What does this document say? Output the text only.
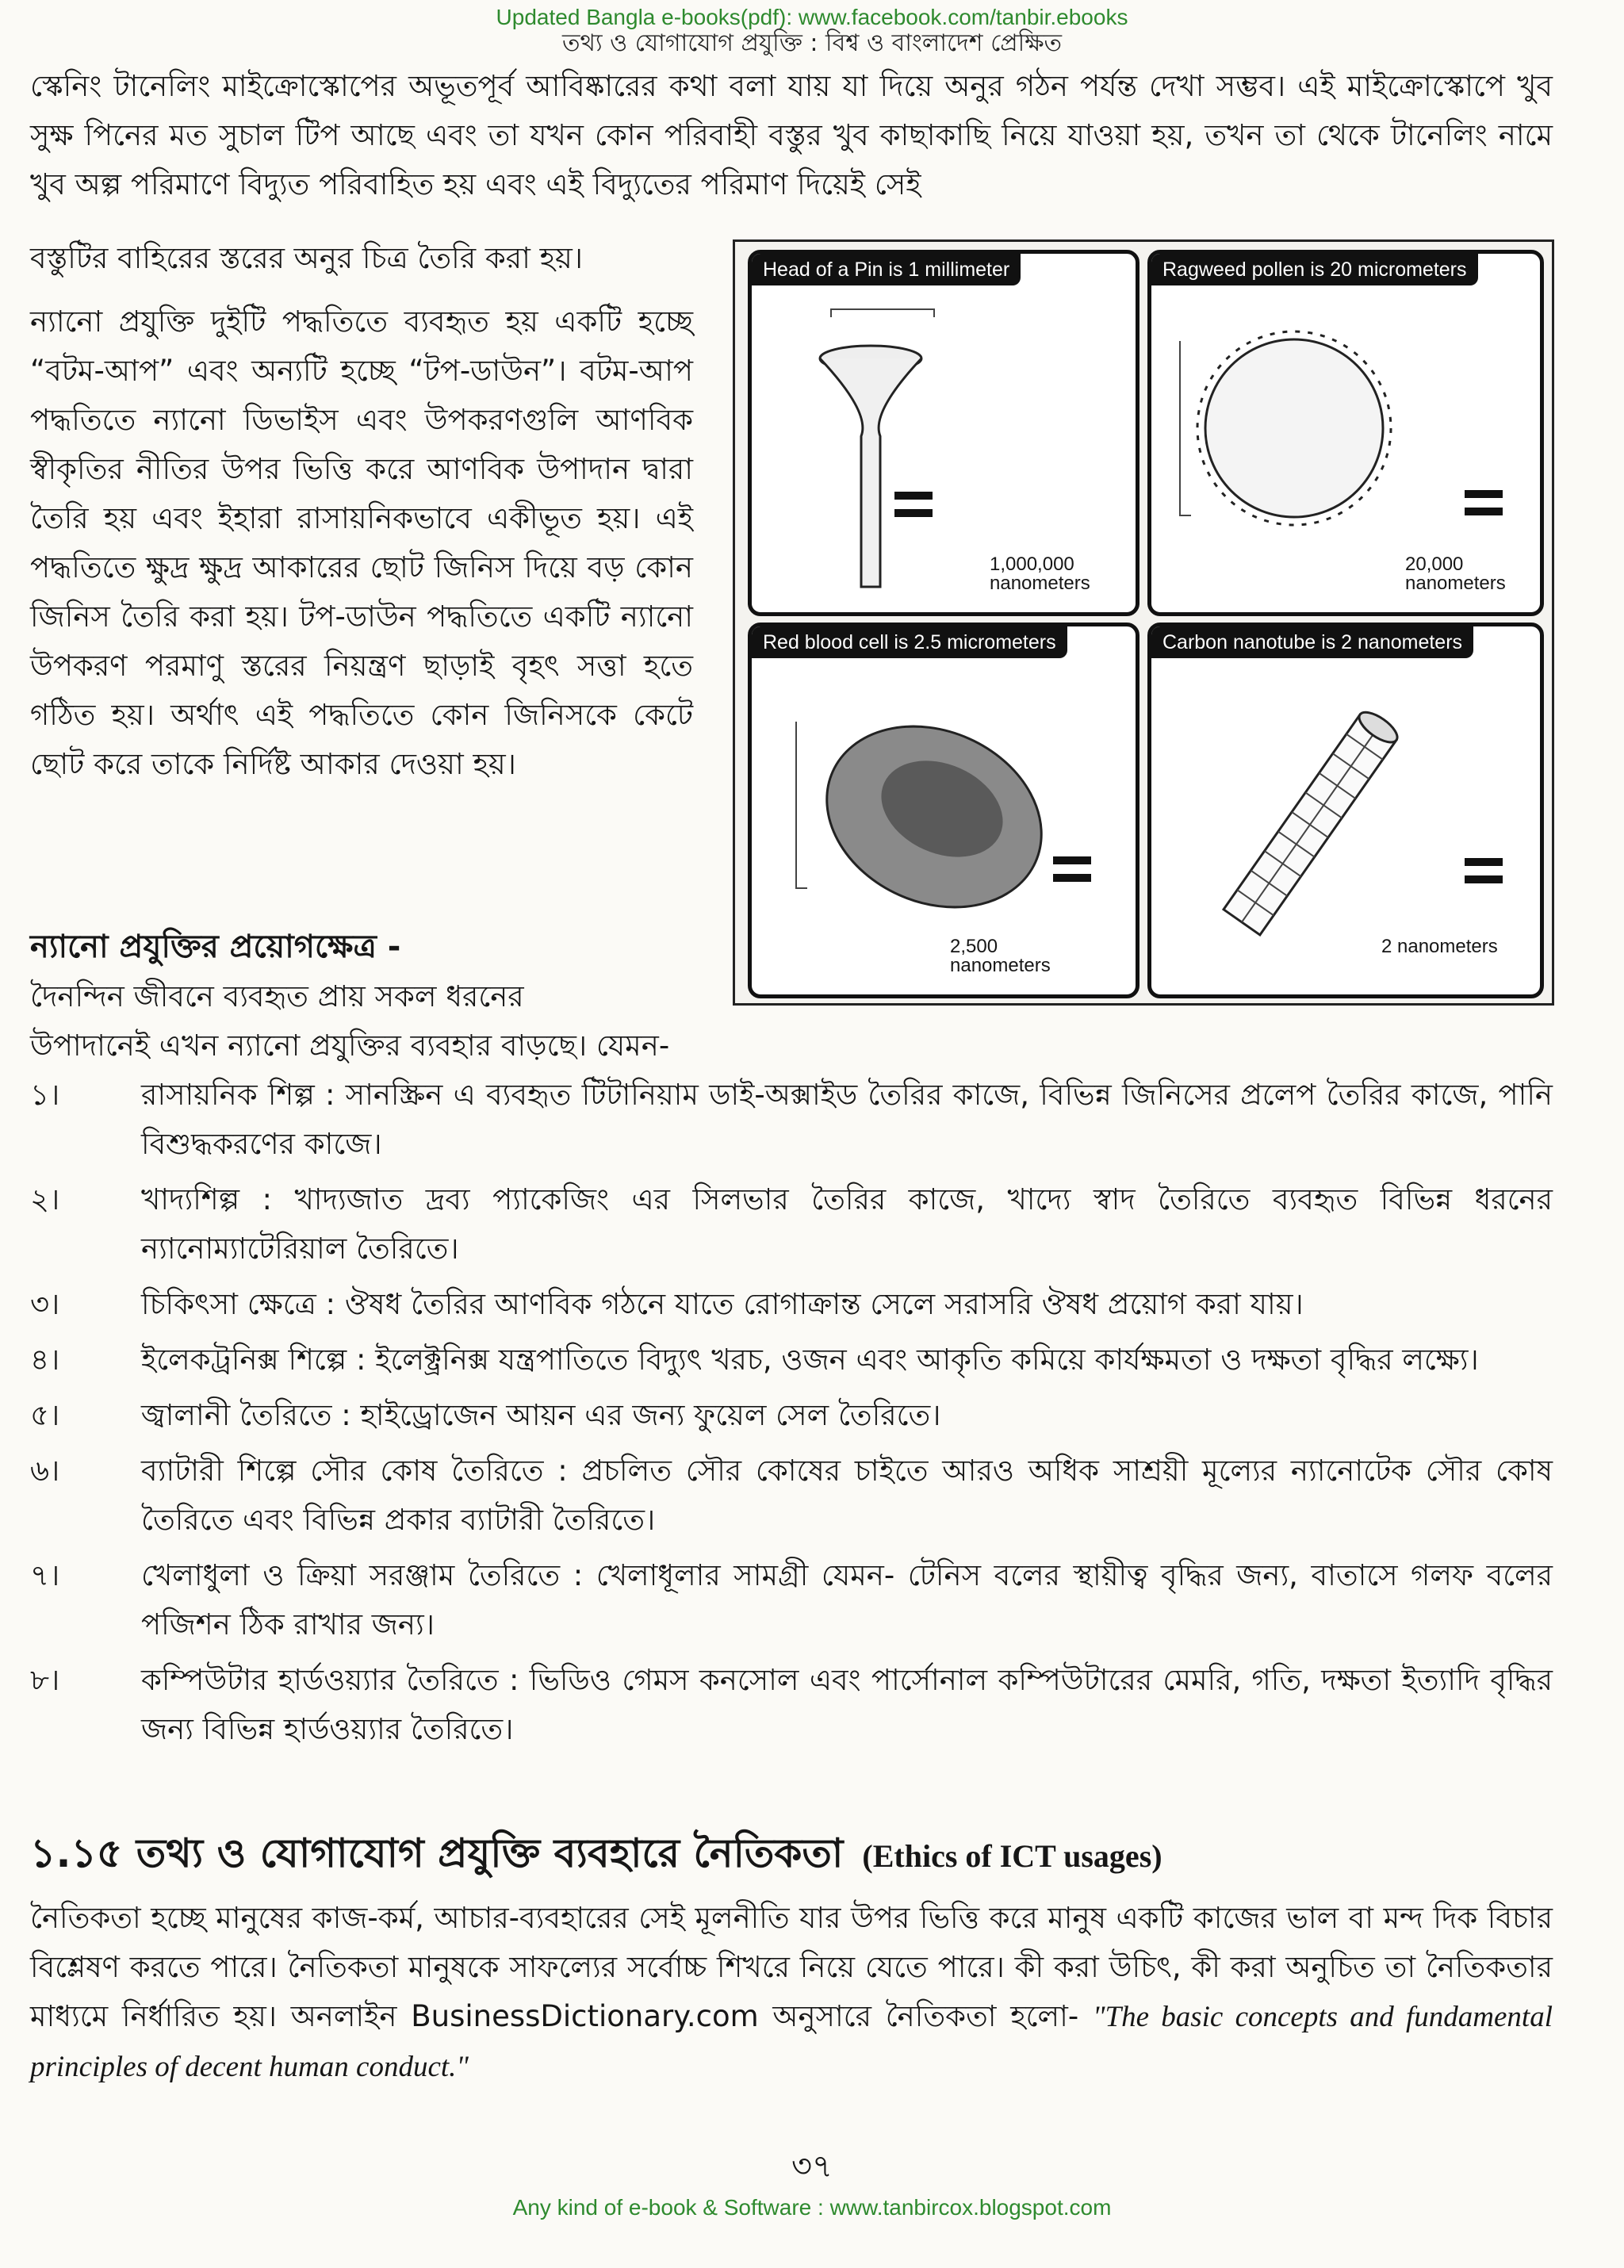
Updated Bangla e-books(pdf): www.facebook.com/tanbir.ebooks
তথ্য ও যোগাযোগ প্রযুক্তি : বিশ্ব ও বাংলাদেশ প্রেক্ষিত

স্কেনিং টানেলিং মাইক্রোস্কোপের অভূতপূর্ব আবিষ্কারের কথা বলা যায় যা দিয়ে অনুর গঠন পর্যন্ত দেখা সম্ভব। এই মাইক্রোস্কোপে খুব সুক্ষ পিনের মত সুচাল টিপ আছে এবং তা যখন কোন পরিবাহী বস্তুর খুব কাছাকাছি নিয়ে যাওয়া হয়, তখন তা থেকে টানেলিং নামে খুব অল্প পরিমাণে বিদ্যুত পরিবাহিত হয় এবং এই বিদ্যুতের পরিমাণ দিয়েই সেই

বস্তুটির বাহিরের স্তরের অনুর চিত্র তৈরি করা হয়।

ন্যানো প্রযুক্তি দুইটি পদ্ধতিতে ব্যবহৃত হয় একটি হচ্ছে “বটম-আপ” এবং অন্যটি হচ্ছে “টপ-ডাউন”। বটম-আপ পদ্ধতিতে ন্যানো ডিভাইস এবং উপকরণগুলি আণবিক স্বীকৃতির নীতির উপর ভিত্তি করে আণবিক উপাদান দ্বারা তৈরি হয় এবং ইহারা রাসায়নিকভাবে একীভূত হয়। এই পদ্ধতিতে ক্ষুদ্র ক্ষুদ্র আকারের ছোট জিনিস দিয়ে বড় কোন জিনিস তৈরি করা হয়। টপ-ডাউন পদ্ধতিতে একটি ন্যানো উপকরণ পরমাণু স্তরের নিয়ন্ত্রণ ছাড়াই বৃহৎ সত্তা হতে গঠিত হয়। অর্থাৎ এই পদ্ধতিতে কোন জিনিসকে কেটে ছোট করে তাকে নির্দিষ্ট আকার দেওয়া হয়।

Head of a Pin is 1 millimeter
1,000,000
nanometers
Ragweed pollen is 20 micrometers
20,000
nanometers
Red blood cell is 2.5 micrometers
2,500
nanometers
Carbon nanotube is 2 nanometers
2 nanometers
ন্যানো প্রযুক্তির প্রয়োগক্ষেত্র -

দৈনন্দিন জীবনে ব্যবহৃত প্রায় সকল ধরনের

উপাদানেই এখন ন্যানো প্রযুক্তির ব্যবহার বাড়ছে। যেমন-

১।	রাসায়নিক শিল্প : সানস্ক্রিন এ ব্যবহৃত টিটানিয়াম ডাই-অক্সাইড তৈরির কাজে, বিভিন্ন জিনিসের প্রলেপ তৈরির কাজে, পানি বিশুদ্ধকরণের কাজে।
২।	খাদ্যশিল্প : খাদ্যজাত দ্রব্য প্যাকেজিং এর সিলভার তৈরির কাজে, খাদ্যে স্বাদ তৈরিতে ব্যবহৃত বিভিন্ন ধরনের ন্যানোম্যাটেরিয়াল তৈরিতে।
৩।	চিকিৎসা ক্ষেত্রে : ঔষধ তৈরির আণবিক গঠনে যাতে রোগাক্রান্ত সেলে সরাসরি ঔষধ প্রয়োগ করা যায়।
৪।	ইলেকট্রনিক্স শিল্পে : ইলেক্ট্রনিক্স যন্ত্রপাতিতে বিদ্যুৎ খরচ, ওজন এবং আকৃতি কমিয়ে কার্যক্ষমতা ও দক্ষতা বৃদ্ধির লক্ষ্যে।
৫।	জ্বালানী তৈরিতে : হাইড্রোজেন আয়ন এর জন্য ফুয়েল সেল তৈরিতে।
৬।	ব্যাটারী শিল্পে সৌর কোষ তৈরিতে : প্রচলিত সৌর কোষের চাইতে আরও অধিক সাশ্রয়ী মূল্যের ন্যানোটেক সৌর কোষ তৈরিতে এবং বিভিন্ন প্রকার ব্যাটারী তৈরিতে।
৭।	খেলাধুলা ও ক্রিয়া সরঞ্জাম তৈরিতে : খেলাধূলার সামগ্রী যেমন- টেনিস বলের স্থায়ীত্ব বৃদ্ধির জন্য, বাতাসে গলফ বলের পজিশন ঠিক রাখার জন্য।
৮।	কম্পিউটার হার্ডওয়্যার তৈরিতে : ভিডিও গেমস কনসোল এবং পার্সোনাল কম্পিউটারের মেমরি, গতি, দক্ষতা ইত্যাদি বৃদ্ধির জন্য বিভিন্ন হার্ডওয়্যার তৈরিতে।
১.১৫ তথ্য ও যোগাযোগ প্রযুক্তি ব্যবহারে নৈতিকতা (Ethics of ICT usages)

নৈতিকতা হচ্ছে মানুষের কাজ-কর্ম, আচার-ব্যবহারের সেই মূলনীতি যার উপর ভিত্তি করে মানুষ একটি কাজের ভাল বা মন্দ দিক বিচার বিশ্লেষণ করতে পারে। নৈতিকতা মানুষকে সাফল্যের সর্বোচ্চ শিখরে নিয়ে যেতে পারে। কী করা উচিৎ, কী করা অনুচিত তা নৈতিকতার মাধ্যমে নির্ধারিত হয়। অনলাইন BusinessDictionary.com অনুসারে নৈতিকতা হলো- "The basic concepts and fundamental principles of decent human conduct."

৩৭
Any kind of e-book & Software : www.tanbircox.blogspot.com
